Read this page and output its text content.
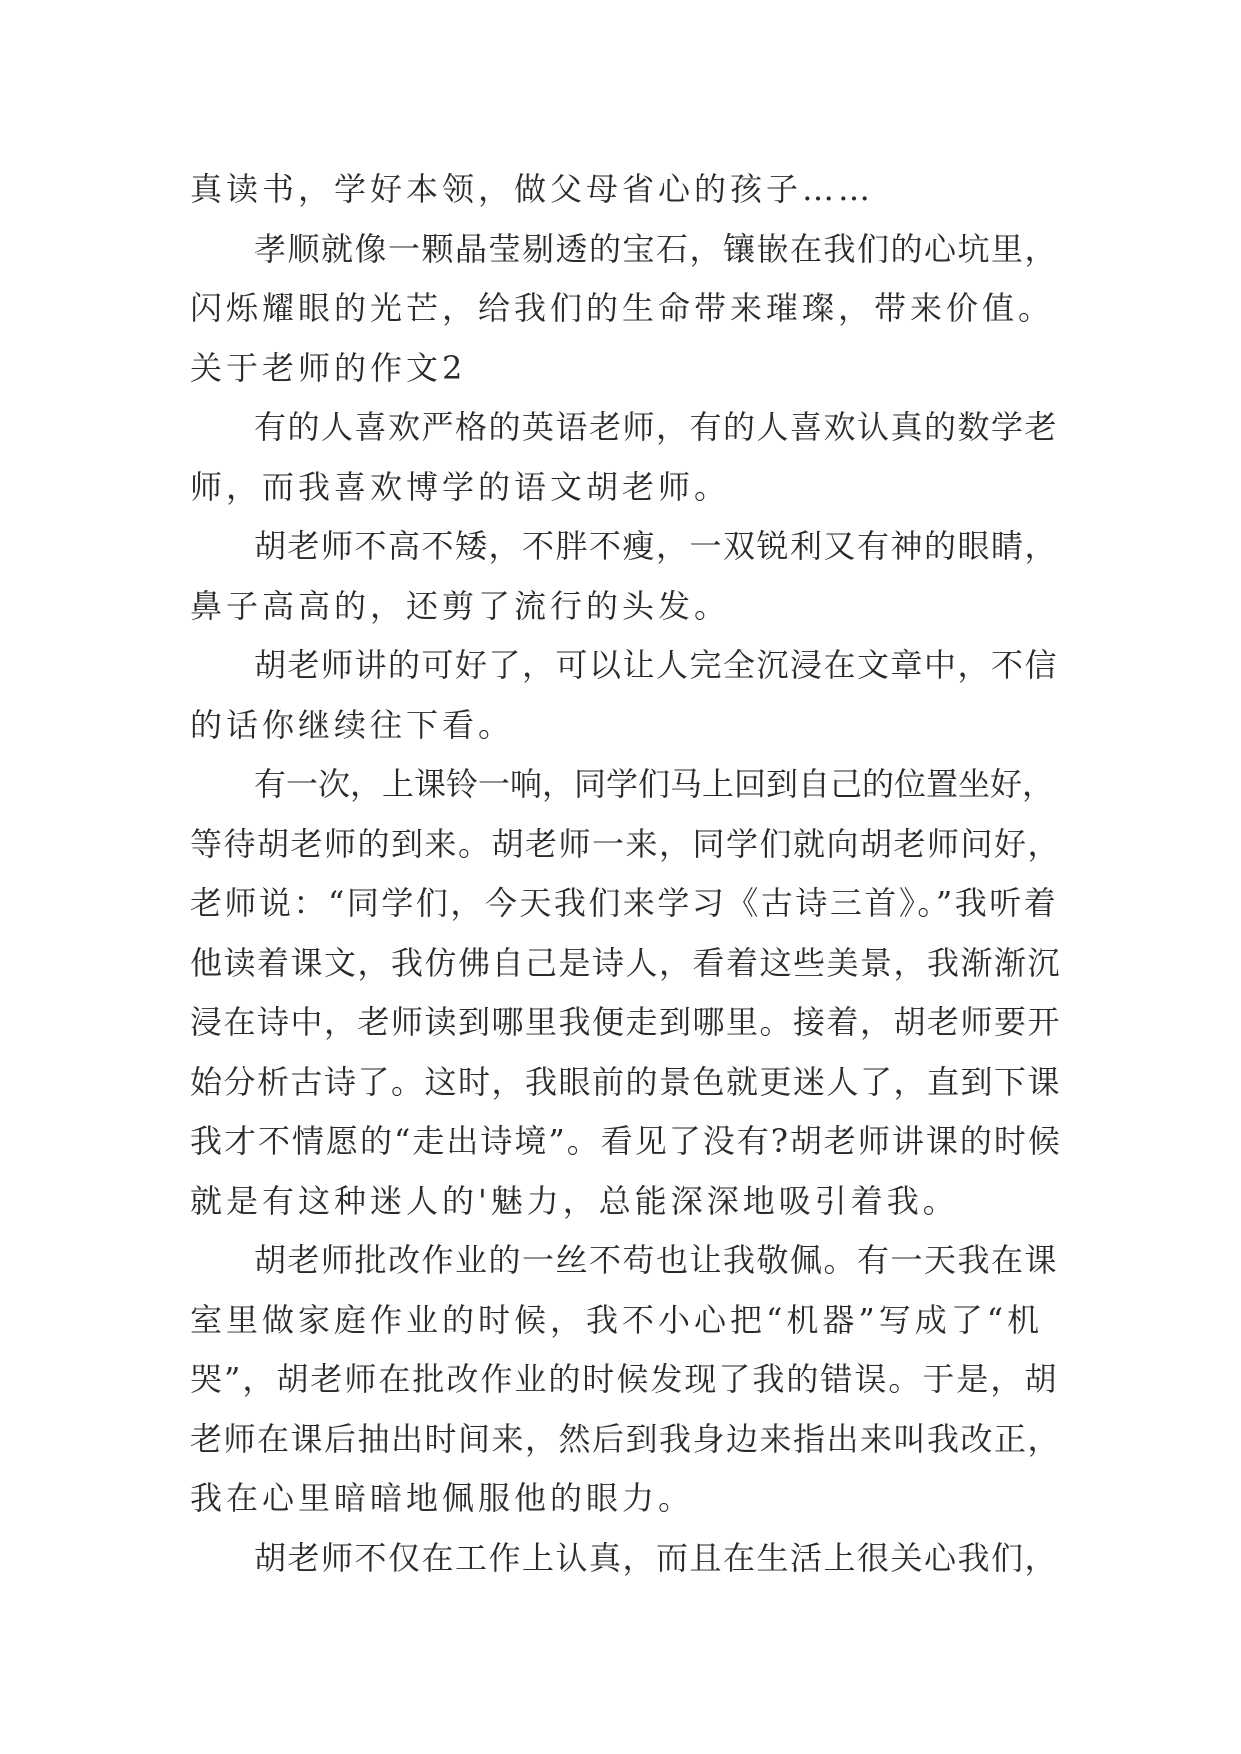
真读书，学好本领，做父母省心的孩子……
孝顺就像一颗晶莹剔透的宝石，镶嵌在我们的心坑里，
闪烁耀眼的光芒，给我们的生命带来璀璨，带来价值。
关于老师的作文2
有的人喜欢严格的英语老师，有的人喜欢认真的数学老
师，而我喜欢博学的语文胡老师。
胡老师不高不矮，不胖不瘦，一双锐利又有神的眼睛，
鼻子高高的，还剪了流行的头发。
胡老师讲的可好了，可以让人完全沉浸在文章中，不信
的话你继续往下看。
有一次，上课铃一响，同学们马上回到自己的位置坐好，
等待胡老师的到来。胡老师一来，同学们就向胡老师问好，
老师说：“同学们，今天我们来学习《古诗三首》。”我听着
他读着课文，我仿佛自己是诗人，看着这些美景，我渐渐沉
浸在诗中，老师读到哪里我便走到哪里。接着，胡老师要开
始分析古诗了。这时，我眼前的景色就更迷人了，直到下课
我才不情愿的“走出诗境”。看见了没有?胡老师讲课的时候
就是有这种迷人的'魅力，总能深深地吸引着我。
胡老师批改作业的一丝不苟也让我敬佩。有一天我在课
室里做家庭作业的时候，我不小心把“机器”写成了“机
哭”，胡老师在批改作业的时候发现了我的错误。于是，胡
老师在课后抽出时间来，然后到我身边来指出来叫我改正，
我在心里暗暗地佩服他的眼力。
胡老师不仅在工作上认真，而且在生活上很关心我们，
